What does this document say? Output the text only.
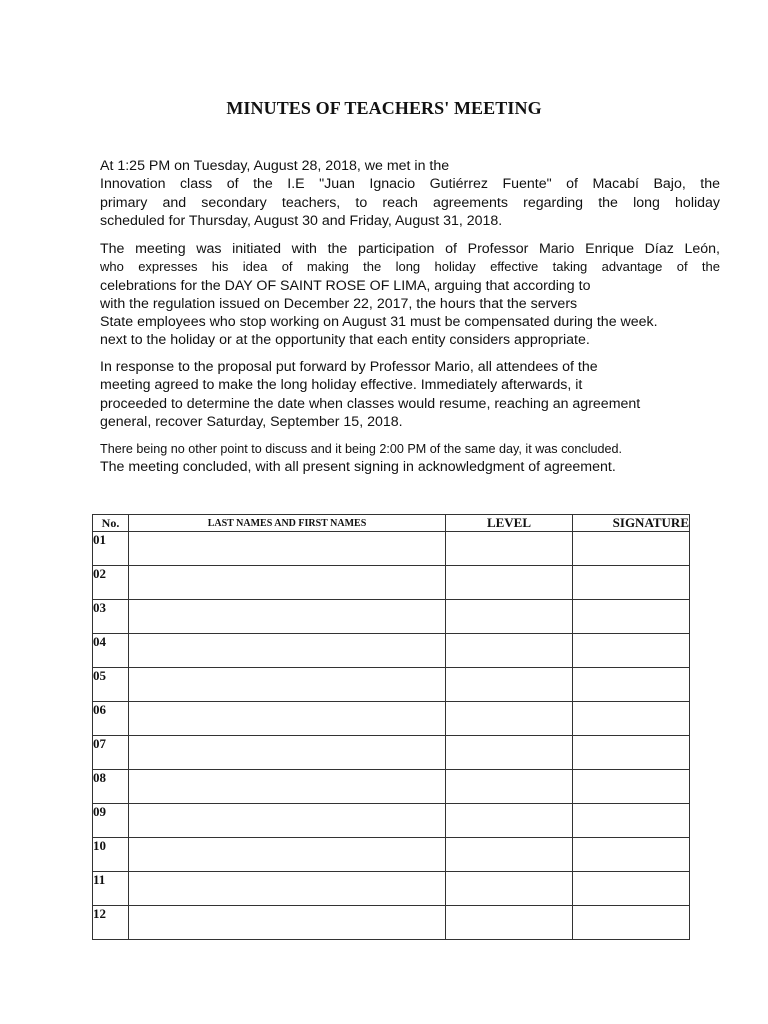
MINUTES OF TEACHERS' MEETING
At 1:25 PM on Tuesday, August 28, 2018, we met in the
Innovation class of the I.E "Juan Ignacio Gutiérrez Fuente" of Macabí Bajo, the
primary and secondary teachers, to reach agreements regarding the long holiday
scheduled for Thursday, August 30 and Friday, August 31, 2018.
The meeting was initiated with the participation of Professor Mario Enrique Díaz León,
who expresses his idea of making the long holiday effective taking advantage of the
celebrations for the DAY OF SAINT ROSE OF LIMA, arguing that according to
with the regulation issued on December 22, 2017, the hours that the servers
State employees who stop working on August 31 must be compensated during the week.
next to the holiday or at the opportunity that each entity considers appropriate.
In response to the proposal put forward by Professor Mario, all attendees of the
meeting agreed to make the long holiday effective. Immediately afterwards, it
proceeded to determine the date when classes would resume, reaching an agreement
general, recover Saturday, September 15, 2018.
There being no other point to discuss and it being 2:00 PM of the same day, it was concluded.
The meeting concluded, with all present signing in acknowledgment of agreement.
No.	LAST NAMES AND FIRST NAMES	LEVEL	SIGNATURE
01			
02			
03			
04			
05			
06			
07			
08			
09			
10			
11			
12			
